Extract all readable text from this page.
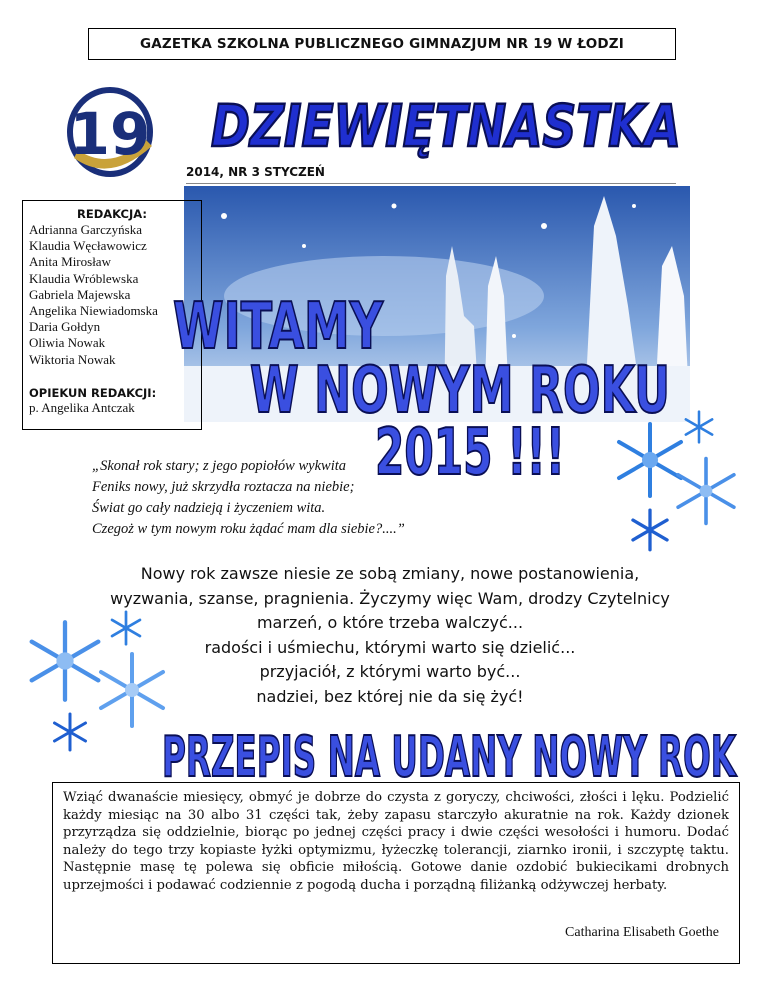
GAZETKA SZKOLNA PUBLICZNEGO GIMNAZJUM NR 19 W ŁODZI
19 DZIEWIĘTNASTKA
2014, NR 3 STYCZEŃ
REDAKCJA:
Adrianna Garczyńska
Klaudia Węcławowicz
Anita Mirosław
Klaudia Wróblewska
Gabriela Majewska
Angelika Niewiadomska
Daria Gołdyn
Oliwia Nowak
Wiktoria Nowak
OPIEKUN REDAKCJI:
p. Angelika Antczak
WITAMY
W NOWYM ROKU
2015 !!!
„Skonał rok stary; z jego popiołów wykwita
Feniks nowy, już skrzydła roztacza na niebie;
Świat go cały nadzieją i życzeniem wita.
Czegoż w tym nowym roku żądać mam dla siebie?....”
Nowy rok zawsze niesie ze sobą zmiany, nowe postanowienia,
wyzwania, szanse, pragnienia. Życzymy więc Wam, drodzy Czytelnicy
marzeń, o które trzeba walczyć...
radości i uśmiechu, którymi warto się dzielić...
przyjaciół, z którymi warto być...
nadziei, bez której nie da się żyć!
PRZEPIS NA UDANY NOWY ROK
Wziąć dwanaście miesięcy, obmyć je dobrze do czysta z goryczy, chciwości, złości i lęku. Podzielić każdy miesiąc na 30 albo 31 części tak, żeby zapasu starczyło akuratnie na rok. Każdy dzionek przyrządza się oddzielnie, biorąc po jednej części pracy i dwie części wesołości i humoru. Dodać należy do tego trzy kopiaste łyżki optymizmu, łyżeczkę tolerancji, ziarnko ironii, i szczyptę taktu. Następnie masę tę polewa się obficie miłością. Gotowe danie ozdobić bukiecikami drobnych uprzejmości i podawać codziennie z pogodą ducha i porządną filiżanką odżywczej herbaty.
Catharina Elisabeth Goethe
